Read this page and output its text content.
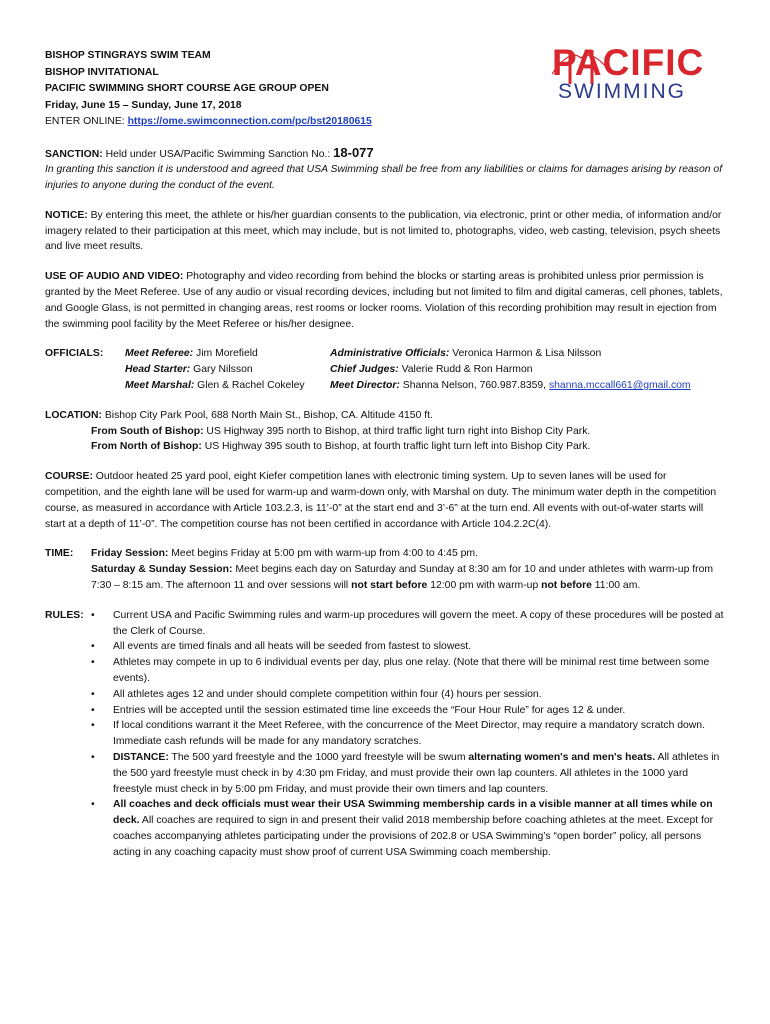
PACIFIC
SWIMMING
BISHOP STINGRAYS SWIM TEAM
BISHOP INVITATIONAL
PACIFIC SWIMMING SHORT COURSE AGE GROUP OPEN
Friday, June 15 – Sunday, June 17, 2018
ENTER ONLINE: https://ome.swimconnection.com/pc/bst20180615

SANCTION: Held under USA/Pacific Swimming Sanction No.: 18-077

In granting this sanction it is understood and agreed that USA Swimming shall be free from any liabilities or claims for damages arising by reason of injuries to anyone during the conduct of the event.

NOTICE: By entering this meet, the athlete or his/her guardian consents to the publication, via electronic, print or other media, of information and/or imagery related to their participation at this meet, which may include, but is not limited to, photographs, video, web casting, television, psych sheets and live meet results.

USE OF AUDIO AND VIDEO: Photography and video recording from behind the blocks or starting areas is prohibited unless prior permission is granted by the Meet Referee. Use of any audio or visual recording devices, including but not limited to film and digital cameras, cell phones, tablets, and Google Glass, is not permitted in changing areas, rest rooms or locker rooms. Violation of this recording prohibition may result in ejection from the swimming pool facility by the Meet Referee or his/her designee.

OFFICIALS:	Meet Referee: Jim Morefield
Head Starter: Gary Nilsson
Meet Marshal: Glen & Rachel Cokeley
Administrative Officials: Veronica Harmon & Lisa Nilsson
Chief Judges: Valerie Rudd & Ron Harmon
Meet Director: Shanna Nelson, 760.987.8359, shanna.mccall661@gmail.com

LOCATION: Bishop City Park Pool, 688 North Main St., Bishop, CA. Altitude 4150 ft.

From South of Bishop: US Highway 395 north to Bishop, at third traffic light turn right into Bishop City Park.

From North of Bishop: US Highway 395 south to Bishop, at fourth traffic light turn left into Bishop City Park.

COURSE: Outdoor heated 25 yard pool, eight Kiefer competition lanes with electronic timing system. Up to seven lanes will be used for competition, and the eighth lane will be used for warm-up and warm-down only, with Marshal on duty. The minimum water depth in the competition course, as measured in accordance with Article 103.2.3, is 11’-0” at the start end and 3’-6” at the turn end. All events with out-of-water starts will start at a depth of 11’-0”. The competition course has not been certified in accordance with Article 104.2.2C(4).

TIME:	Friday Session: Meet begins Friday at 5:00 pm with warm-up from 4:00 to 4:45 pm.

Saturday & Sunday Session: Meet begins each day on Saturday and Sunday at 8:30 am for 10 and under athletes with warm-up from 7:30 – 8:15 am. The afternoon 11 and over sessions will not start before 12:00 pm with warm-up not before 11:00 am.

RULES: • Current USA and Pacific Swimming rules and warm-up procedures will govern the meet. A copy of these procedures will be posted at the Clerk of Course.
• All events are timed finals and all heats will be seeded from fastest to slowest.
• Athletes may compete in up to 6 individual events per day, plus one relay. (Note that there will be minimal rest time between some events).
• All athletes ages 12 and under should complete competition within four (4) hours per session.
• Entries will be accepted until the session estimated time line exceeds the “Four Hour Rule” for ages 12 & under.
• If local conditions warrant it the Meet Referee, with the concurrence of the Meet Director, may require a mandatory scratch down. Immediate cash refunds will be made for any mandatory scratches.
• DISTANCE: The 500 yard freestyle and the 1000 yard freestyle will be swum alternating women's and men's heats. All athletes in the 500 yard freestyle must check in by 4:30 pm Friday, and must provide their own lap counters. All athletes in the 1000 yard freestyle must check in by 5:00 pm Friday, and must provide their own timers and lap counters.
• All coaches and deck officials must wear their USA Swimming membership cards in a visible manner at all times while on deck. All coaches are required to sign in and present their valid 2018 membership before coaching athletes at the meet. Except for coaches accompanying athletes participating under the provisions of 202.8 or USA Swimming’s “open border” policy, all persons acting in any coaching capacity must show proof of current USA Swimming coach membership.
